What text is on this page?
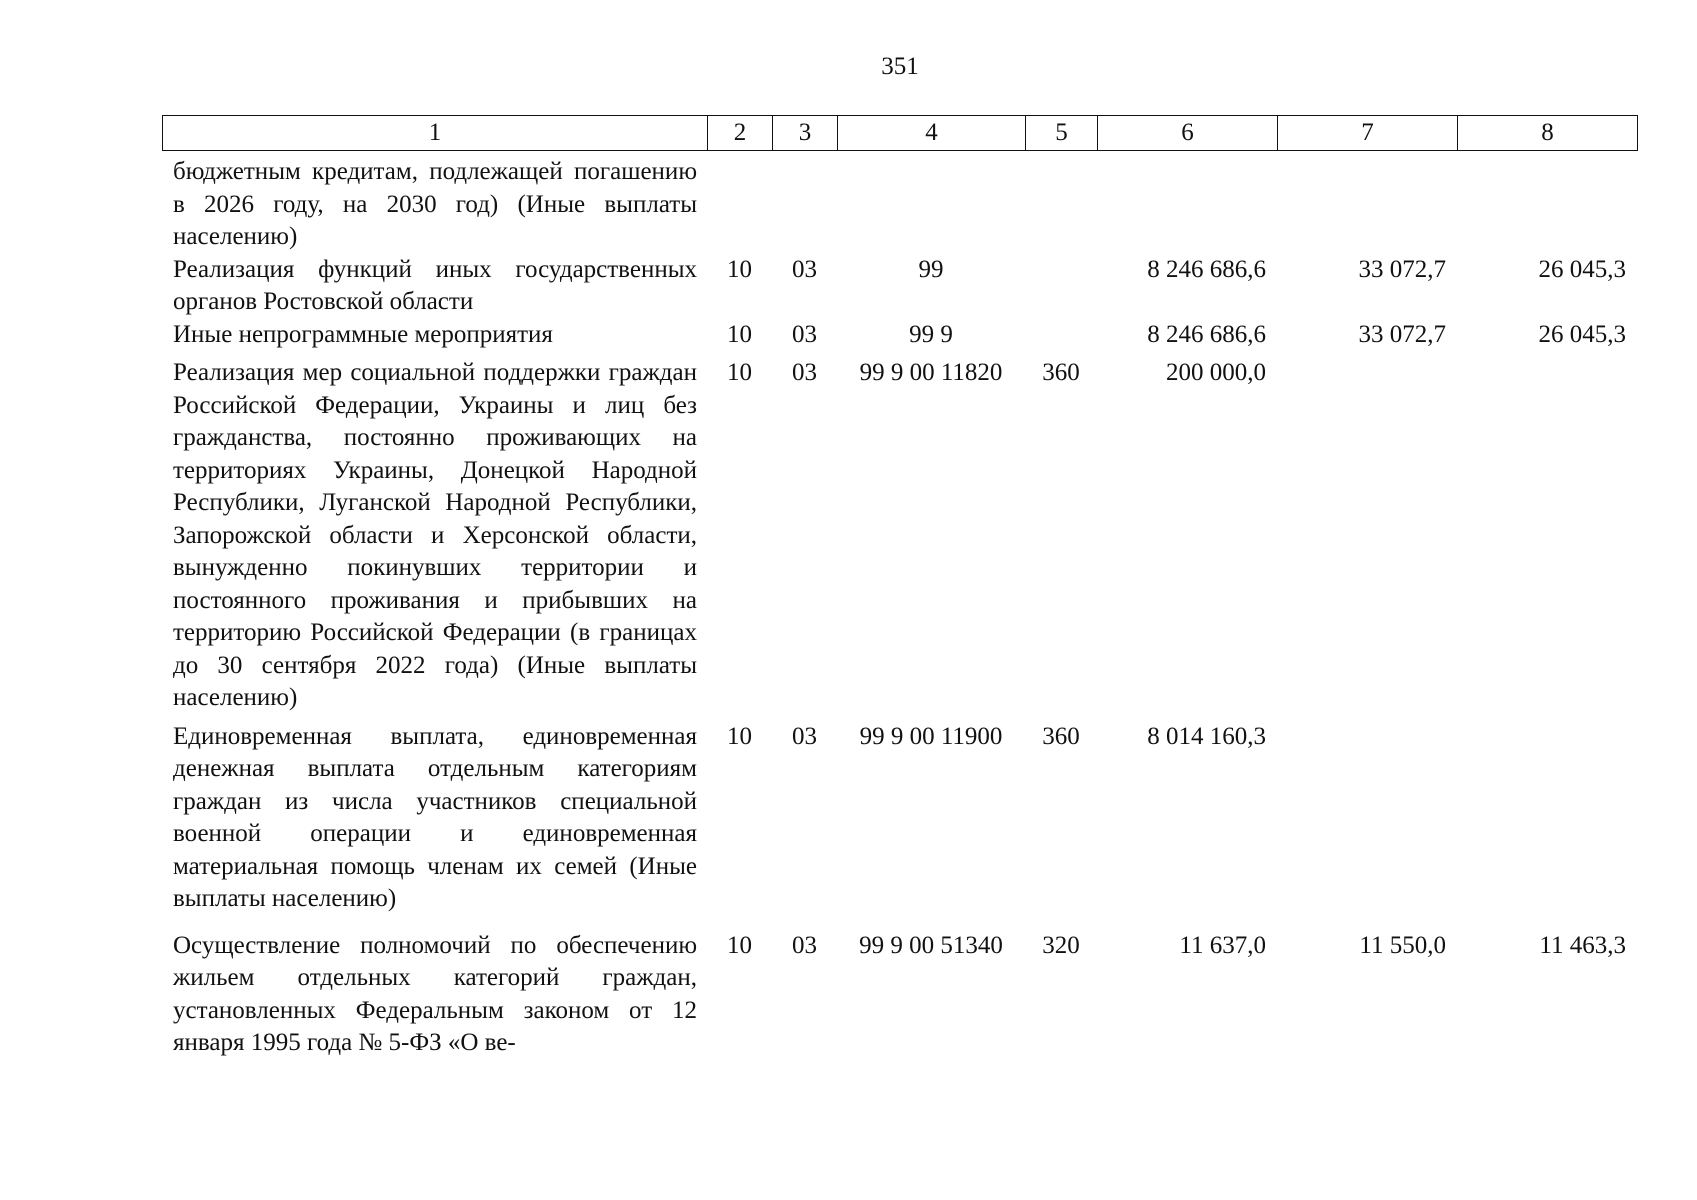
351
1	2	3	4	5	6	7	8
бюджетным кредитам, подлежащей погашению в 2026 году, на 2030 год) (Иные выплаты населению)							

Реализация функций иных государственных органов Ростовской области	10	03	99		8 246 686,6	33 072,7	26 045,3
Иные непрограммные мероприятия	10	03	99 9		8 246 686,6	33 072,7	26 045,3
Реализация мер социальной поддержки граждан Российской Федерации, Украины и лиц без гражданства, постоянно проживающих на территориях Украины, Донецкой Народной Республики, Луганской Народной Республики, Запорожской области и Херсонской области, вынужденно покинувших территории и постоянного проживания и прибывших на территорию Российской Федерации (в границах до 30 сентября 2022 года) (Иные выплаты населению)	10	03	99 9 00 11820	360	200 000,0		
Единовременная выплата, единовременная денежная выплата отдельным категориям граждан из числа участников специальной военной операции и единовременная материальная помощь членам их семей (Иные выплаты населению)	10	03	99 9 00 11900	360	8 014 160,3		
Осуществление полномочий по обеспечению жильем отдельных категорий граждан, установленных Федеральным законом от 12 января 1995 года № 5-ФЗ «О ве-	10	03	99 9 00 51340	320	11 637,0	11 550,0	11 463,3
